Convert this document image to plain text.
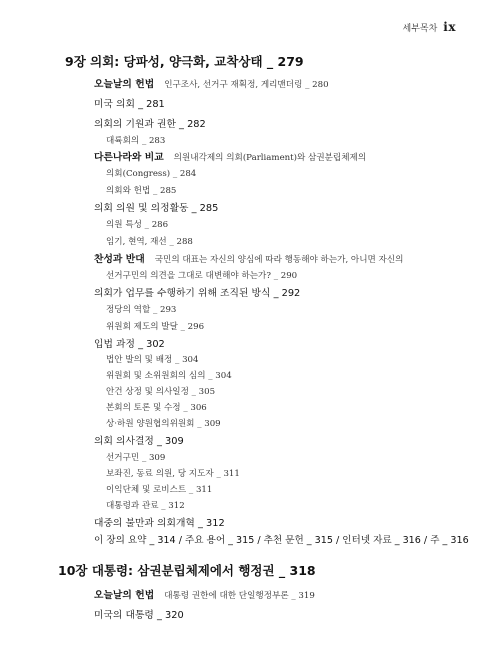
세부목차 ix
9장 의회: 당파성, 양극화, 교착상태 _ 279
오늘날의 헌법 인구조사, 선거구 재획정, 게리맨더링 _ 280
미국 의회 _ 281
의회의 기원과 권한 _ 282
대륙회의 _ 283
다른나라와 비교 의원내각제의 의회(Parliament)와 삼권분립체제의
의회(Congress) _ 284
의회와 헌법 _ 285
의회 의원 및 의정활동 _ 285
의원 특성 _ 286
임기, 현역, 재선 _ 288
찬성과 반대 국민의 대표는 자신의 양심에 따라 행동해야 하는가, 아니면 자신의
선거구민의 의견을 그대로 대변해야 하는가? _ 290
의회가 업무를 수행하기 위해 조직된 방식 _ 292
정당의 역할 _ 293
위원회 제도의 발달 _ 296
입법 과정 _ 302
법안 발의 및 배정 _ 304
위원회 및 소위원회의 심의 _ 304
안건 상정 및 의사일정 _ 305
본회의 토론 및 수정 _ 306
상·하원 양원협의위원회 _ 309
의회 의사결정 _ 309
선거구민 _ 309
보좌진, 동료 의원, 당 지도자 _ 311
이익단체 및 로비스트 _ 311
대통령과 관료 _ 312
대중의 불만과 의회개혁 _ 312
이 장의 요약 _ 314 / 주요 용어 _ 315 / 추천 문헌 _ 315 / 인터넷 자료 _ 316 / 주 _ 316
10장 대통령: 삼권분립체제에서 행정권 _ 318
오늘날의 헌법 대통령 권한에 대한 단일행정부론 _ 319
미국의 대통령 _ 320
